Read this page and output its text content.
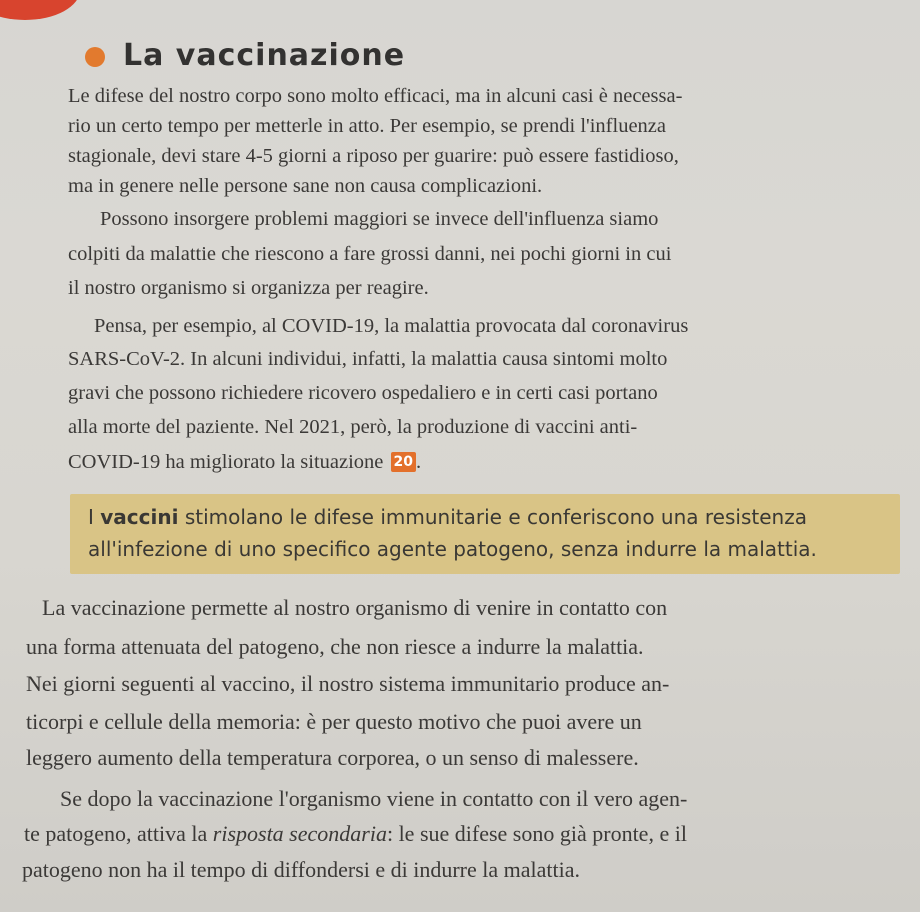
La vaccinazione
Le difese del nostro corpo sono molto efficaci, ma in alcuni casi è necessa-
rio un certo tempo per metterle in atto. Per esempio, se prendi l'influenza
stagionale, devi stare 4-5 giorni a riposo per guarire: può essere fastidioso,
ma in genere nelle persone sane non causa complicazioni.
Possono insorgere problemi maggiori se invece dell'influenza siamo
colpiti da malattie che riescono a fare grossi danni, nei pochi giorni in cui
il nostro organismo si organizza per reagire.
Pensa, per esempio, al COVID-19, la malattia provocata dal coronavirus
SARS-CoV-2. In alcuni individui, infatti, la malattia causa sintomi molto
gravi che possono richiedere ricovero ospedaliero e in certi casi portano
alla morte del paziente. Nel 2021, però, la produzione di vaccini anti-
COVID-19 ha migliorato la situazione 20 .
I vaccini stimolano le difese immunitarie e conferiscono una resistenza
all'infezione di uno specifico agente patogeno, senza indurre la malattia.
La vaccinazione permette al nostro organismo di venire in contatto con
una forma attenuata del patogeno, che non riesce a indurre la malattia.
Nei giorni seguenti al vaccino, il nostro sistema immunitario produce an-
ticorpi e cellule della memoria: è per questo motivo che puoi avere un
leggero aumento della temperatura corporea, o un senso di malessere.
Se dopo la vaccinazione l'organismo viene in contatto con il vero agen-
te patogeno, attiva la risposta secondaria: le sue difese sono già pronte, e il
patogeno non ha il tempo di diffondersi e di indurre la malattia.
